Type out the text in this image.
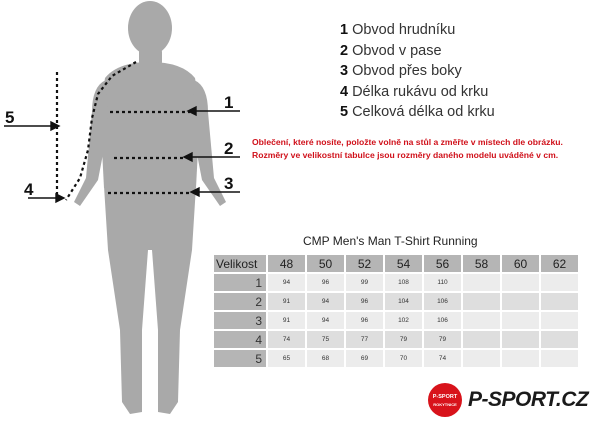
1
2
3
4
5
1 Obvod hrudníku
2 Obvod v pase
3 Obvod přes boky
4 Délka rukávu od krku
5 Celková délka od krku
Oblečení, které nosíte, položte volně na stůl a změřte v místech dle obrázku.
Rozměry ve velikostní tabulce jsou rozměry daného modelu uváděné v cm.
CMP Men's Man T-Shirt Running
Velikost	48	50	52	54	56	58	60	62
1	94	96	99	108	110			
2	91	94	96	104	106			
3	91	94	96	102	106			
4	74	75	77	79	79			
5	65	68	69	70	74			
P-SPORT
ROKYTNICE P-SPORT.CZ
